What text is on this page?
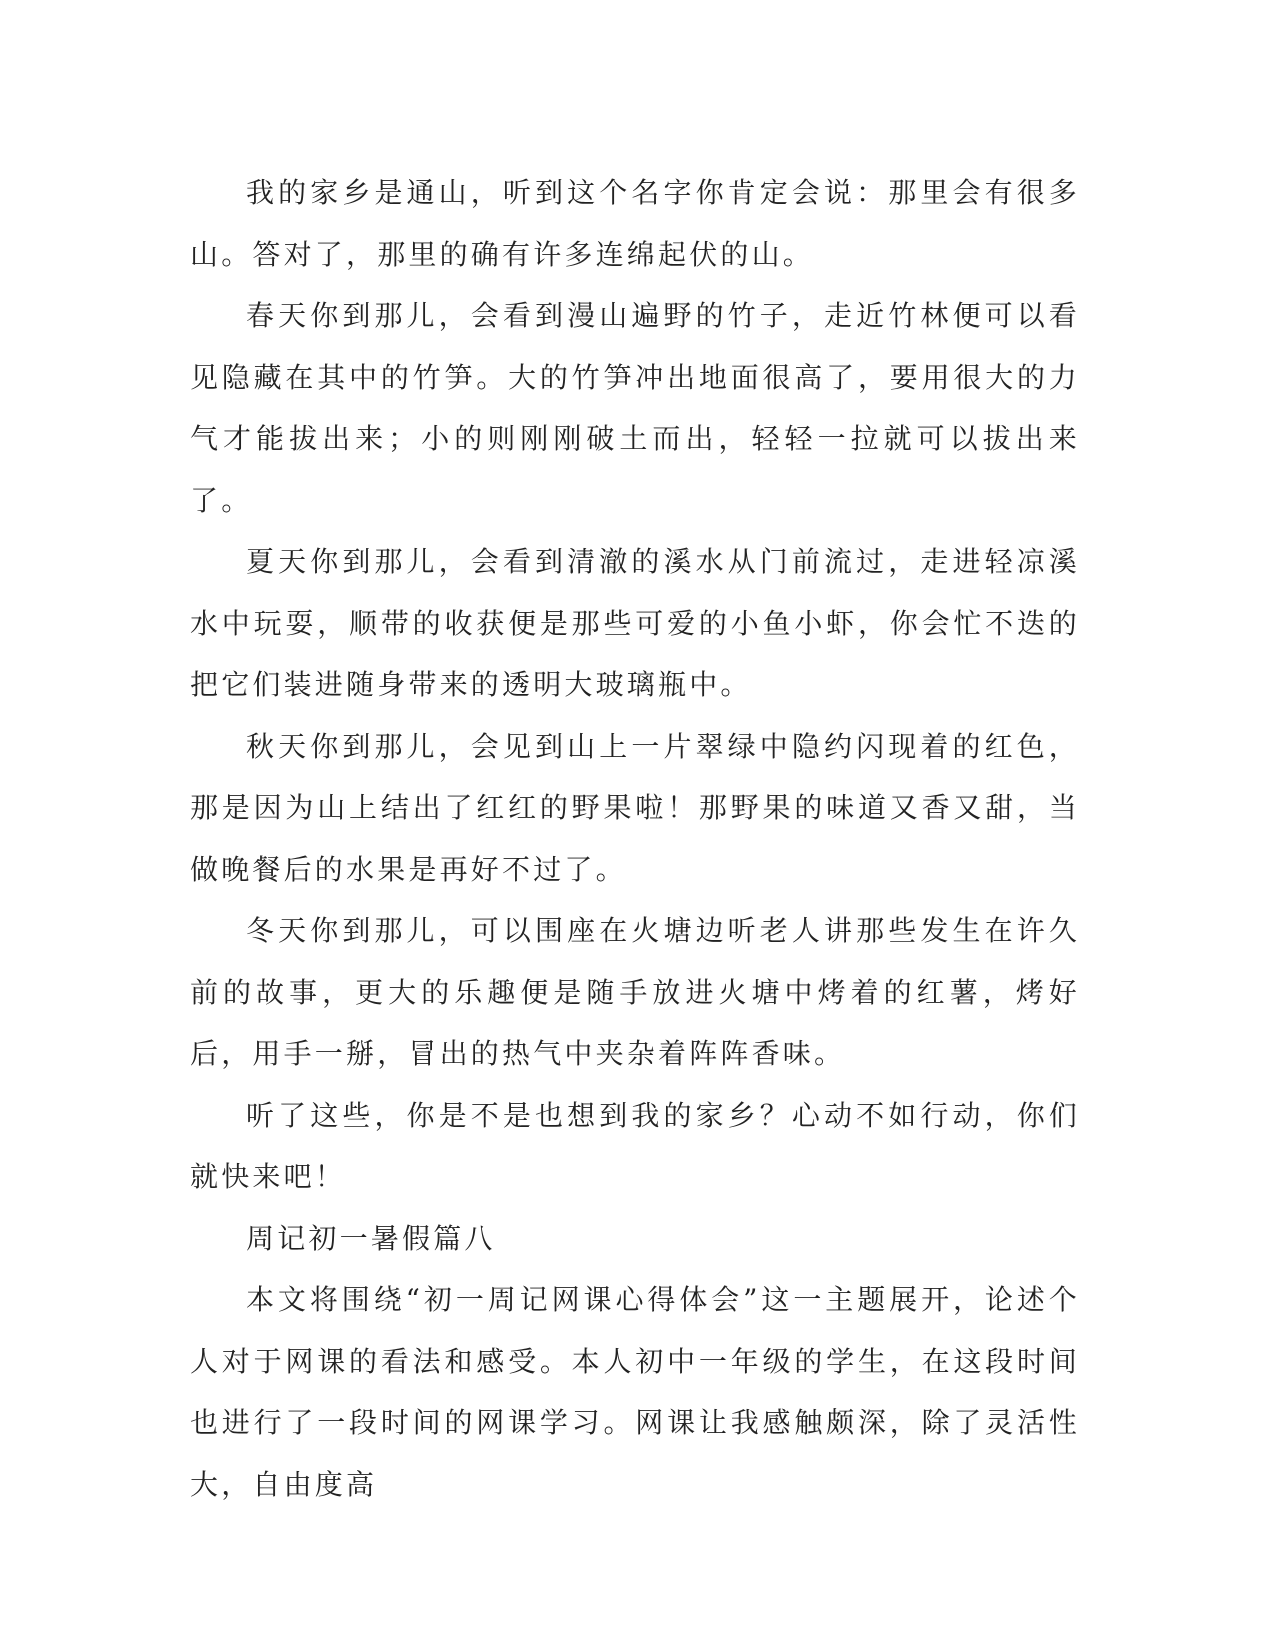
我的家乡是通山，听到这个名字你肯定会说：那里会有很多山。答对了，那里的确有许多连绵起伏的山。

春天你到那儿，会看到漫山遍野的竹子，走近竹林便可以看见隐藏在其中的竹笋。大的竹笋冲出地面很高了，要用很大的力气才能拔出来；小的则刚刚破土而出，轻轻一拉就可以拔出来了。

夏天你到那儿，会看到清澈的溪水从门前流过，走进轻凉溪水中玩耍，顺带的收获便是那些可爱的小鱼小虾，你会忙不迭的把它们装进随身带来的透明大玻璃瓶中。

秋天你到那儿，会见到山上一片翠绿中隐约闪现着的红色，那是因为山上结出了红红的野果啦！那野果的味道又香又甜，当做晚餐后的水果是再好不过了。

冬天你到那儿，可以围座在火塘边听老人讲那些发生在许久前的故事，更大的乐趣便是随手放进火塘中烤着的红薯，烤好后，用手一掰，冒出的热气中夹杂着阵阵香味。

听了这些，你是不是也想到我的家乡？心动不如行动，你们就快来吧！

周记初一暑假篇八

本文将围绕“初一周记网课心得体会”这一主题展开，论述个人对于网课的看法和感受。本人初中一年级的学生，在这段时间也进行了一段时间的网课学习。网课让我感触颇深，除了灵活性大，自由度高
